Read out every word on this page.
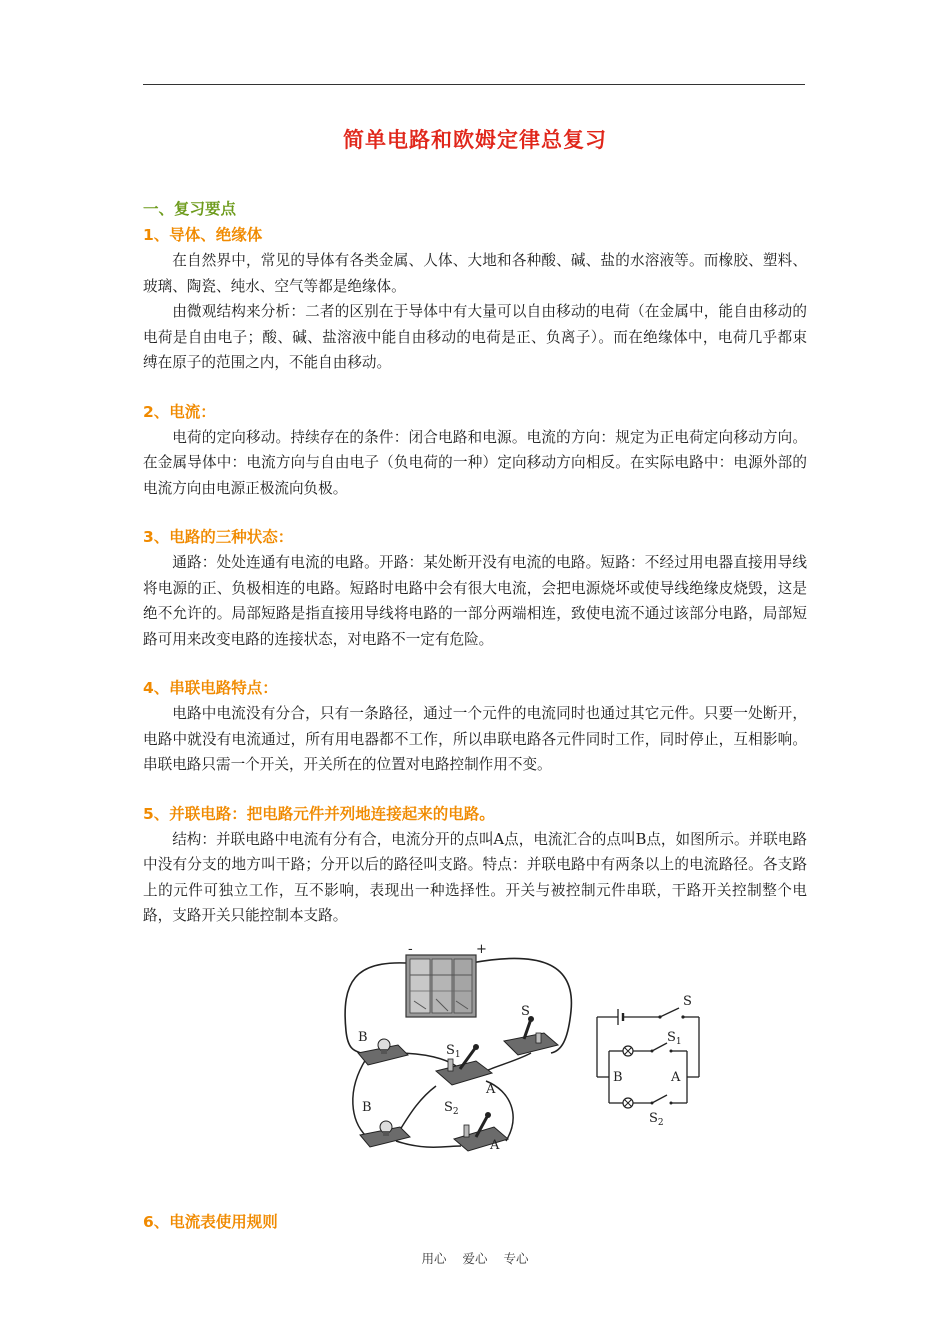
简单电路和欧姆定律总复习
一、复习要点
1、导体、绝缘体

在自然界中，常见的导体有各类金属、人体、大地和各种酸、碱、盐的水溶液等。而橡胶、塑料、玻璃、陶瓷、纯水、空气等都是绝缘体。

由微观结构来分析：二者的区别在于导体中有大量可以自由移动的电荷（在金属中，能自由移动的电荷是自由电子；酸、碱、盐溶液中能自由移动的电荷是正、负离子）。而在绝缘体中，电荷几乎都束缚在原子的范围之内，不能自由移动。

2、电流：

电荷的定向移动。持续存在的条件：闭合电路和电源。电流的方向：规定为正电荷定向移动方向。在金属导体中：电流方向与自由电子（负电荷的一种）定向移动方向相反。在实际电路中：电源外部的电流方向由电源正极流向负极。

3、电路的三种状态：

通路：处处连通有电流的电路。开路：某处断开没有电流的电路。短路：不经过用电器直接用导线将电源的正、负极相连的电路。短路时电路中会有很大电流，会把电源烧坏或使导线绝缘皮烧毁，这是绝不允许的。局部短路是指直接用导线将电路的一部分两端相连，致使电流不通过该部分电路，局部短路可用来改变电路的连接状态，对电路不一定有危险。

4、串联电路特点：

电路中电流没有分合，只有一条路径，通过一个元件的电流同时也通过其它元件。只要一处断开，电路中就没有电流通过，所有用电器都不工作，所以串联电路各元件同时工作，同时停止，互相影响。串联电路只需一个开关，开关所在的位置对电路控制作用不变。

5、并联电路：把电路元件并列地连接起来的电路。

结构：并联电路中电流有分有合，电流分开的点叫A点，电流汇合的点叫B点，如图所示。并联电路中没有分支的地方叫干路；分开以后的路径叫支路。特点：并联电路中有两条以上的电流路径。各支路上的元件可独立工作，互不影响，表现出一种选择性。开关与被控制元件串联，干路开关控制整个电路，支路开关只能控制本支路。

-	+
S
$S_1$
A
$S_2$
A
B
B
S
$S_1$
$S_2$
B	A
6、电流表使用规则
用心 爱心 专心
